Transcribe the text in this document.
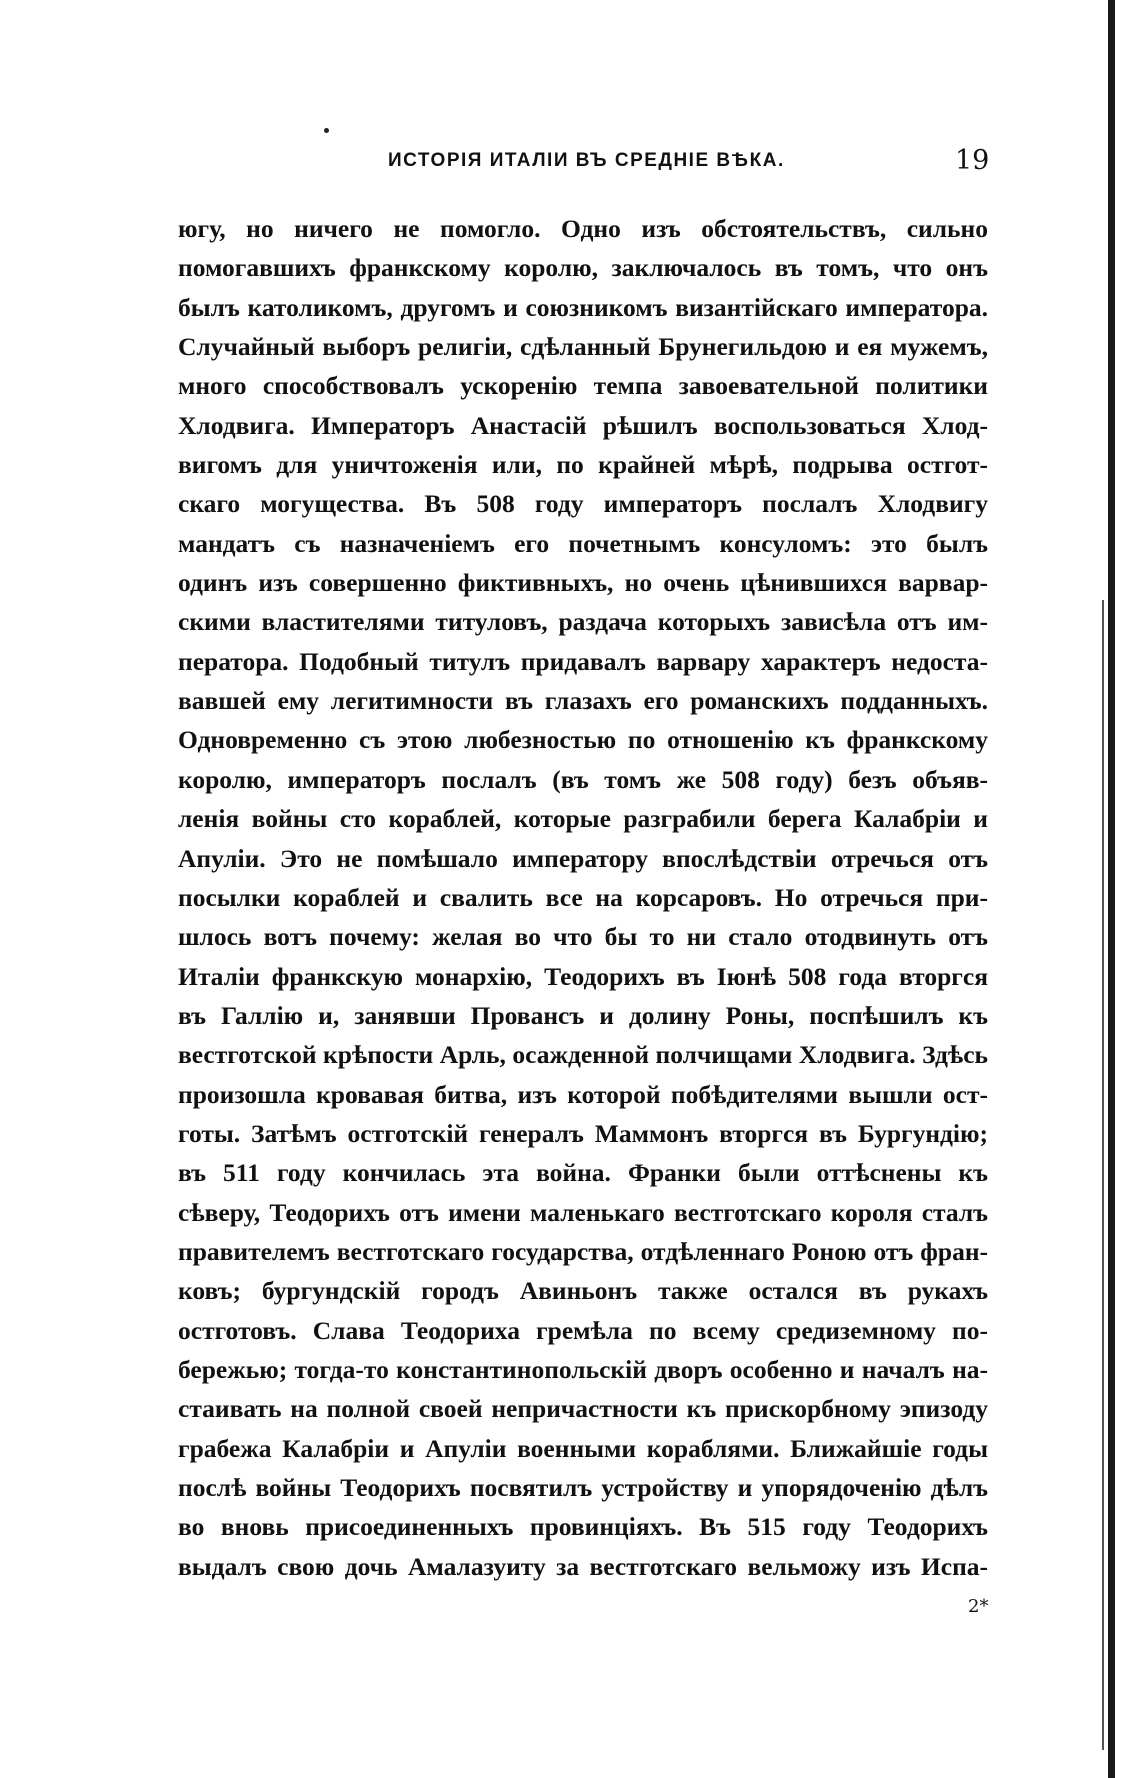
ИСТОРІЯ ИТАЛІИ ВЪ СРЕДНІЕ ВѢКА.	19
югу, но ничего не помогло. Одно изъ обстоятельствъ, сильно
помогавшихъ франкскому королю, заключалось въ томъ, что онъ
былъ католикомъ, другомъ и союзникомъ византійскаго императора.
Случайный выборъ религіи, сдѣланный Брунегильдою и ея мужемъ,
много способствовалъ ускоренію темпа завоевательной политики
Хлодвига. Императоръ Анастасій рѣшилъ воспользоваться Хлод-
вигомъ для уничтоженія или, по крайней мѣрѣ, подрыва остгот-
скаго могущества. Въ 508 году императоръ послалъ Хлодвигу
мандатъ съ назначеніемъ его почетнымъ консуломъ: это былъ
одинъ изъ совершенно фиктивныхъ, но очень цѣнившихся варвар-
скими властителями титуловъ, раздача которыхъ зависѣла отъ им-
ператора. Подобный титулъ придавалъ варвару характеръ недоста-
вавшей ему легитимности въ глазахъ его романскихъ подданныхъ.
Одновременно съ этою любезностью по отношенію къ франкскому
королю, императоръ послалъ (въ томъ же 508 году) безъ объяв-
ленія войны сто кораблей, которые разграбили берега Калабріи и
Апуліи. Это не помѣшало императору впослѣдствіи отречься отъ
посылки кораблей и свалить все на корсаровъ. Но отречься при-
шлось вотъ почему: желая во что бы то ни стало отодвинуть отъ
Италіи франкскую монархію, Теодорихъ въ Іюнѣ 508 года вторгся
въ Галлію и, занявши Провансъ и долину Роны, поспѣшилъ къ
вестготской крѣпости Арль, осажденной полчищами Хлодвига. Здѣсь
произошла кровавая битва, изъ которой побѣдителями вышли ост-
готы. Затѣмъ остготскій генералъ Маммонъ вторгся въ Бургундію;
въ 511 году кончилась эта война. Франки были оттѣснены къ
сѣверу, Теодорихъ отъ имени маленькаго вестготскаго короля сталъ
правителемъ вестготскаго государства, отдѣленнаго Роною отъ фран-
ковъ; бургундскій городъ Авиньонъ также остался въ рукахъ
остготовъ. Слава Теодориха гремѣла по всему средиземному по-
бережью; тогда-то константинопольскій дворъ особенно и началъ на-
стаивать на полной своей непричастности къ прискорбному эпизоду
грабежа Калабріи и Апуліи военными кораблями. Ближайшіе годы
послѣ войны Теодорихъ посвятилъ устройству и упорядоченію дѣлъ
во вновь присоединенныхъ провинціяхъ. Въ 515 году Теодорихъ
выдалъ свою дочь Амалазуиту за вестготскаго вельможу изъ Испа-
2*
